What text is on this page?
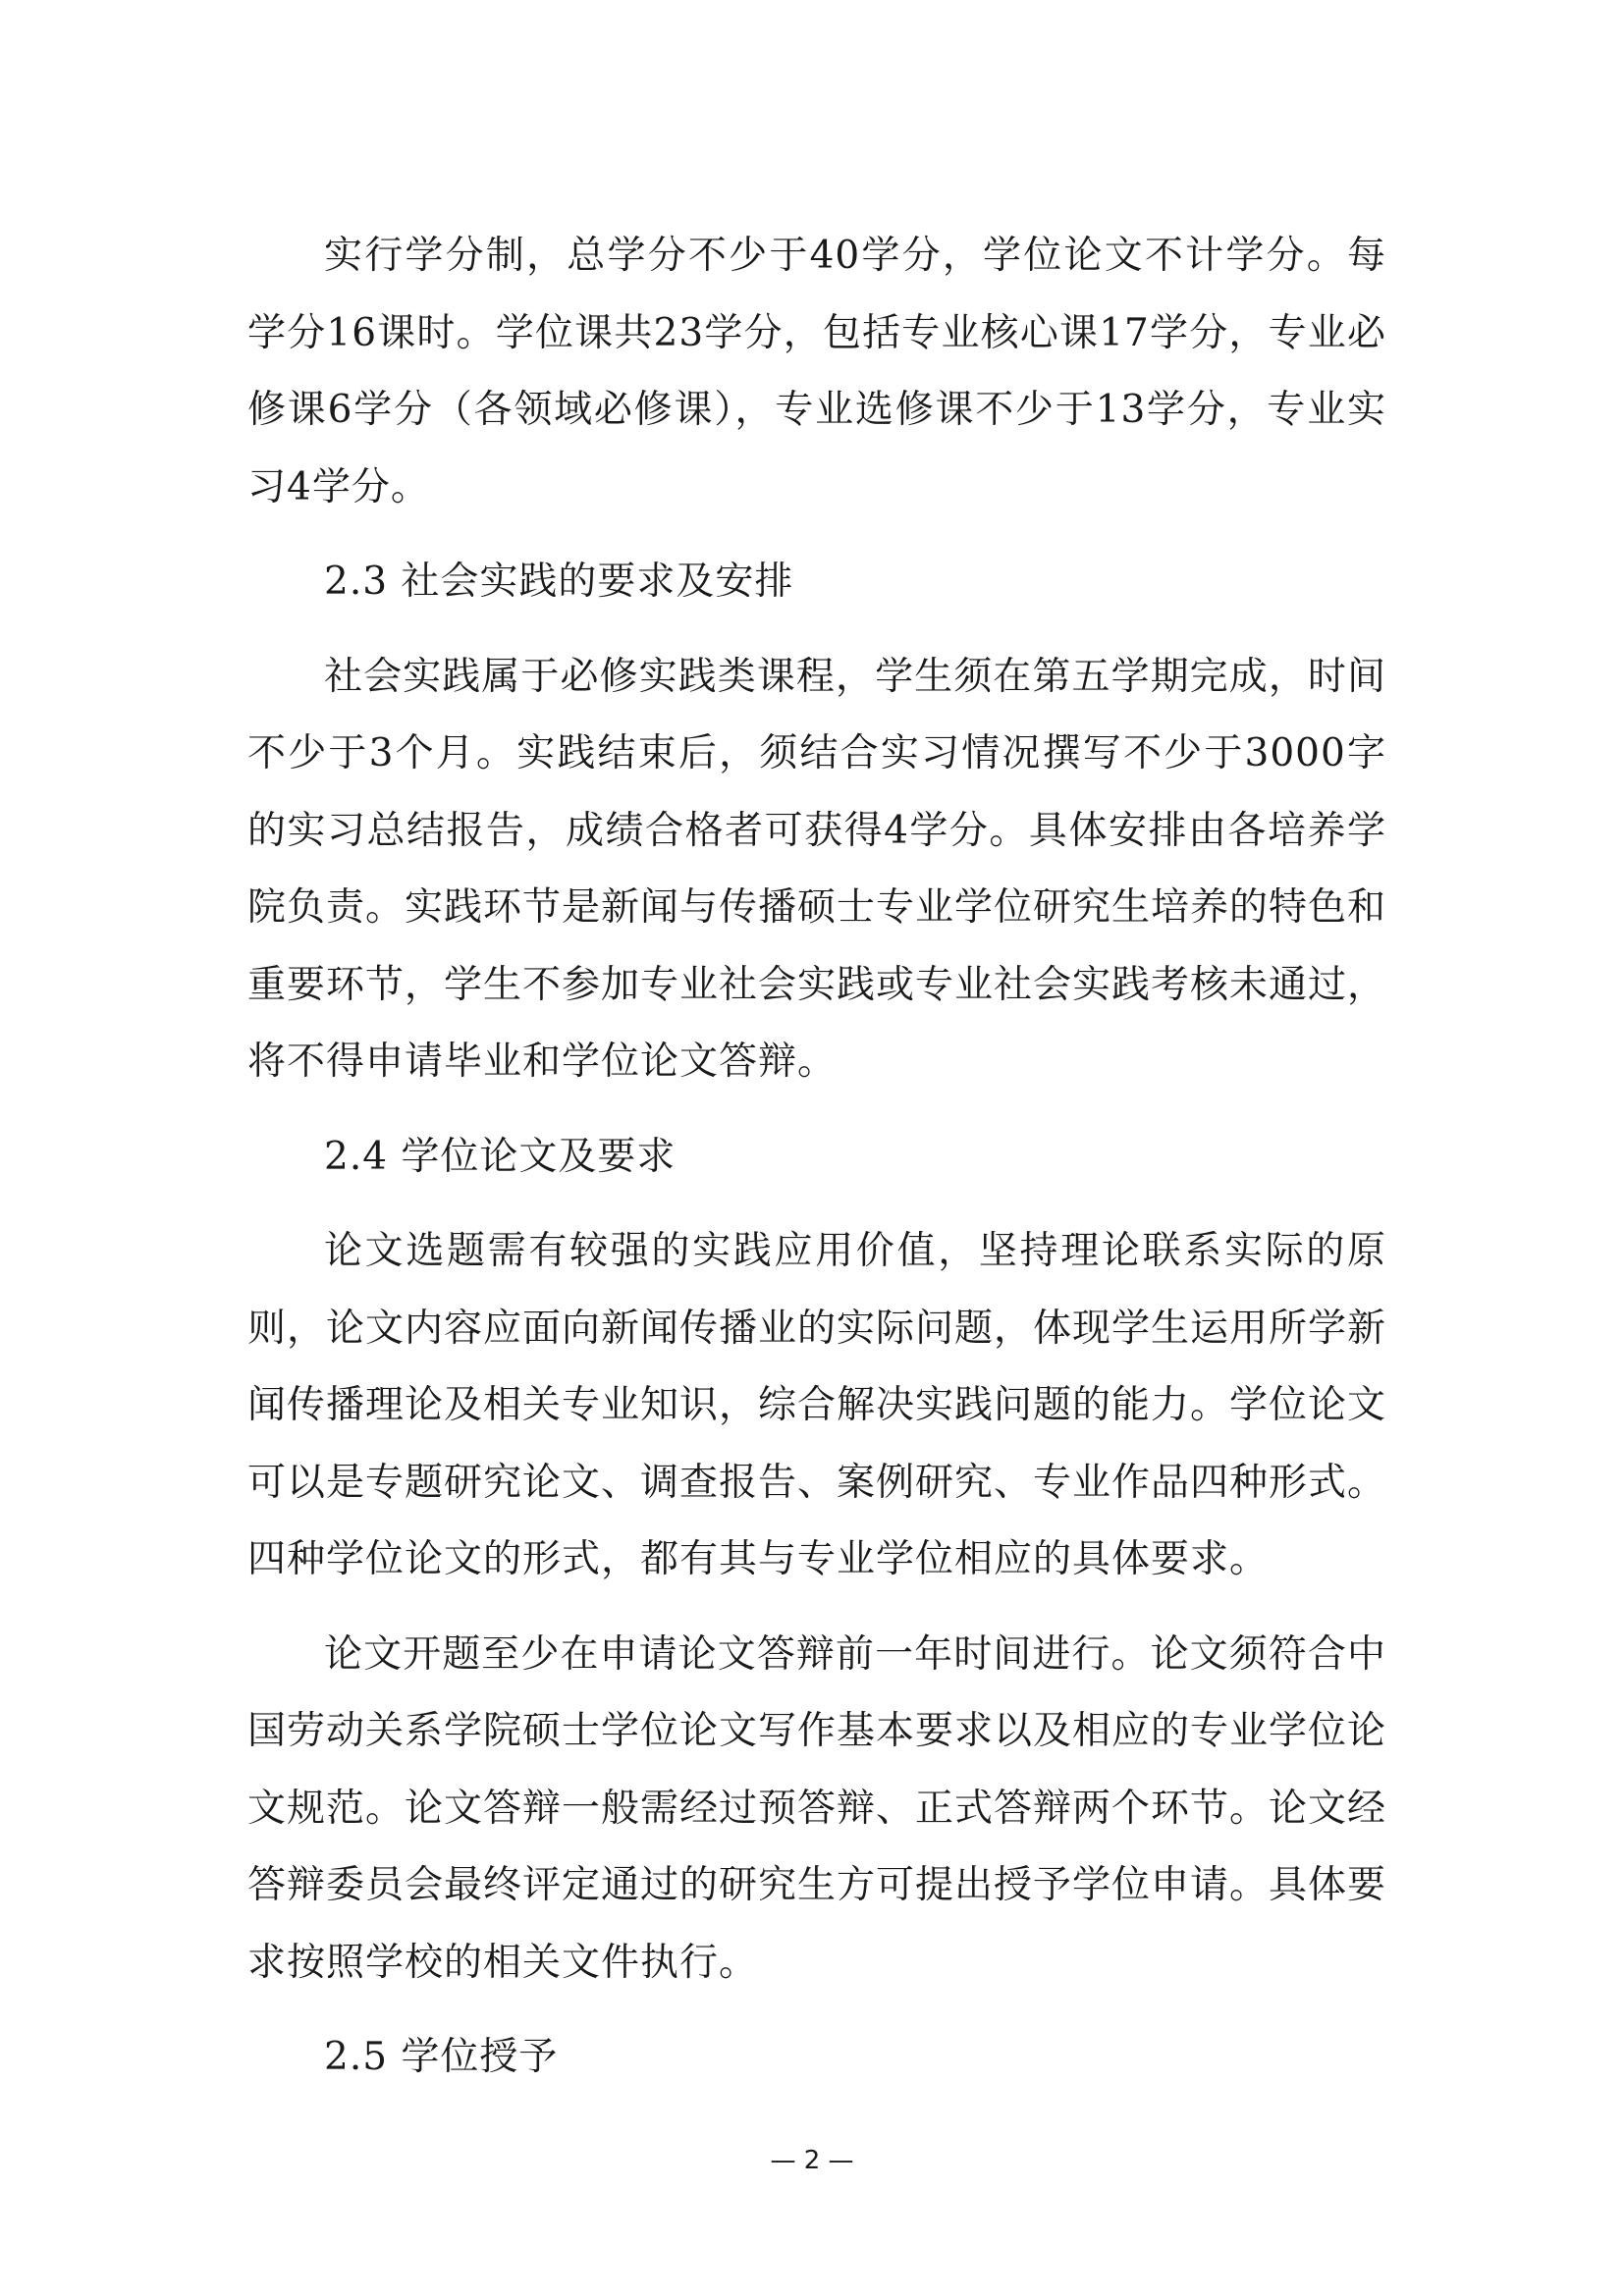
实行学分制，总学分不少于40学分，学位论文不计学分。每学分16课时。学位课共23学分，包括专业核心课17学分，专业必修课6学分（各领域必修课），专业选修课不少于13学分，专业实习4学分。

2.3 社会实践的要求及安排

社会实践属于必修实践类课程，学生须在第五学期完成，时间不少于3个月。实践结束后，须结合实习情况撰写不少于3000字的实习总结报告，成绩合格者可获得4学分。具体安排由各培养学院负责。实践环节是新闻与传播硕士专业学位研究生培养的特色和重要环节，学生不参加专业社会实践或专业社会实践考核未通过，将不得申请毕业和学位论文答辩。

2.4 学位论文及要求

论文选题需有较强的实践应用价值，坚持理论联系实际的原则，论文内容应面向新闻传播业的实际问题，体现学生运用所学新闻传播理论及相关专业知识，综合解决实践问题的能力。学位论文可以是专题研究论文、调查报告、案例研究、专业作品四种形式。四种学位论文的形式，都有其与专业学位相应的具体要求。

论文开题至少在申请论文答辩前一年时间进行。论文须符合中国劳动关系学院硕士学位论文写作基本要求以及相应的专业学位论文规范。论文答辩一般需经过预答辩、正式答辩两个环节。论文经答辩委员会最终评定通过的研究生方可提出授予学位申请。具体要求按照学校的相关文件执行。

2.5 学位授予

— 2 —
